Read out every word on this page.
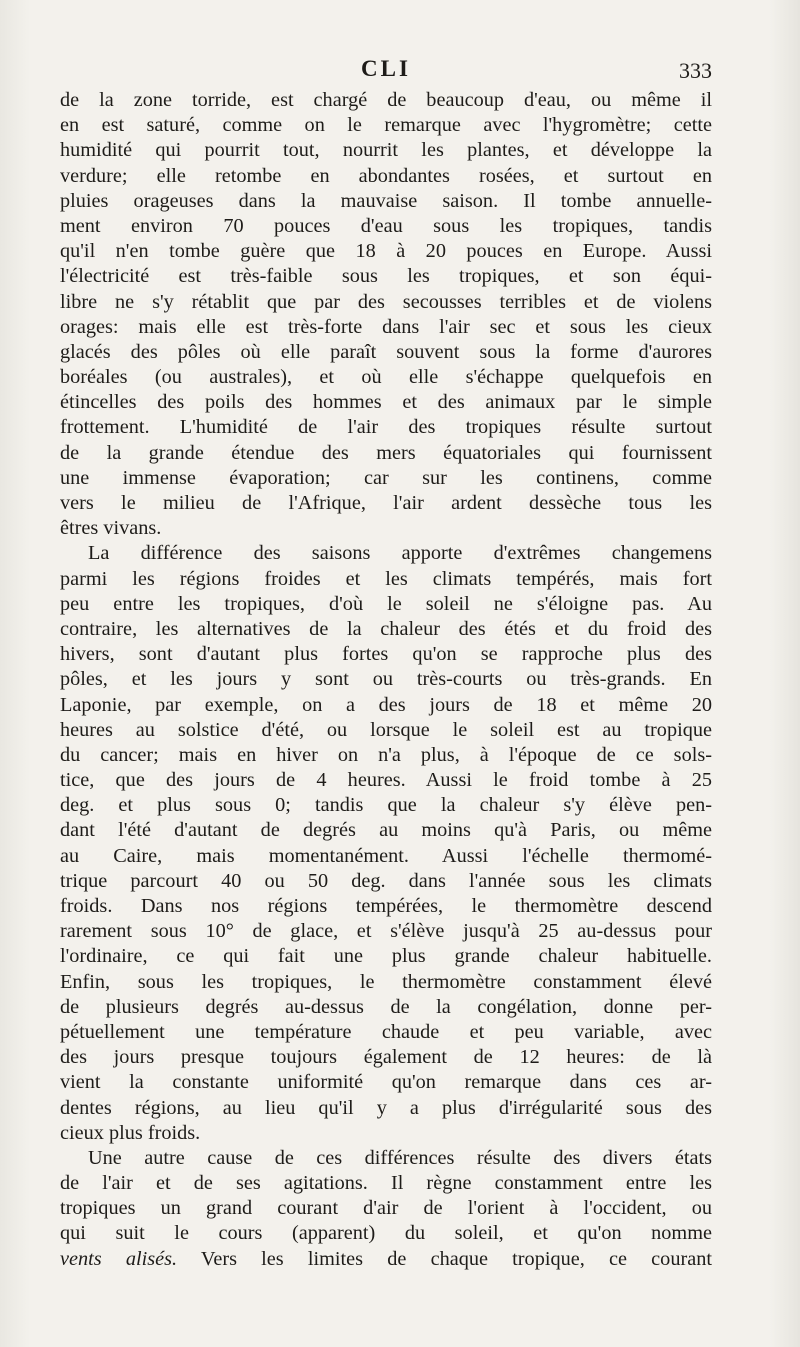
CLI	333
de la zone torride, est chargé de beaucoup d'eau, ou même il
en est saturé, comme on le remarque avec l'hygromètre; cette
humidité qui pourrit tout, nourrit les plantes, et développe la
verdure; elle retombe en abondantes rosées, et surtout en
pluies orageuses dans la mauvaise saison. Il tombe annuelle-
ment environ 70 pouces d'eau sous les tropiques, tandis
qu'il n'en tombe guère que 18 à 20 pouces en Europe. Aussi
l'électricité est très-faible sous les tropiques, et son équi-
libre ne s'y rétablit que par des secousses terribles et de violens
orages: mais elle est très-forte dans l'air sec et sous les cieux
glacés des pôles où elle paraît souvent sous la forme d'aurores
boréales (ou australes), et où elle s'échappe quelquefois en
étincelles des poils des hommes et des animaux par le simple
frottement. L'humidité de l'air des tropiques résulte surtout
de la grande étendue des mers équatoriales qui fournissent
une immense évaporation; car sur les continens, comme
vers le milieu de l'Afrique, l'air ardent dessèche tous les
êtres vivans.
La différence des saisons apporte d'extrêmes changemens
parmi les régions froides et les climats tempérés, mais fort
peu entre les tropiques, d'où le soleil ne s'éloigne pas. Au
contraire, les alternatives de la chaleur des étés et du froid des
hivers, sont d'autant plus fortes qu'on se rapproche plus des
pôles, et les jours y sont ou très-courts ou très-grands. En
Laponie, par exemple, on a des jours de 18 et même 20
heures au solstice d'été, ou lorsque le soleil est au tropique
du cancer; mais en hiver on n'a plus, à l'époque de ce sols-
tice, que des jours de 4 heures. Aussi le froid tombe à 25
deg. et plus sous 0; tandis que la chaleur s'y élève pen-
dant l'été d'autant de degrés au moins qu'à Paris, ou même
au Caire, mais momentanément. Aussi l'échelle thermomé-
trique parcourt 40 ou 50 deg. dans l'année sous les climats
froids. Dans nos régions tempérées, le thermomètre descend
rarement sous 10° de glace, et s'élève jusqu'à 25 au-dessus pour
l'ordinaire, ce qui fait une plus grande chaleur habituelle.
Enfin, sous les tropiques, le thermomètre constamment élevé
de plusieurs degrés au-dessus de la congélation, donne per-
pétuellement une température chaude et peu variable, avec
des jours presque toujours également de 12 heures: de là
vient la constante uniformité qu'on remarque dans ces ar-
dentes régions, au lieu qu'il y a plus d'irrégularité sous des
cieux plus froids.
Une autre cause de ces différences résulte des divers états
de l'air et de ses agitations. Il règne constamment entre les
tropiques un grand courant d'air de l'orient à l'occident, ou
qui suit le cours (apparent) du soleil, et qu'on nomme
vents alisés. Vers les limites de chaque tropique, ce courant
